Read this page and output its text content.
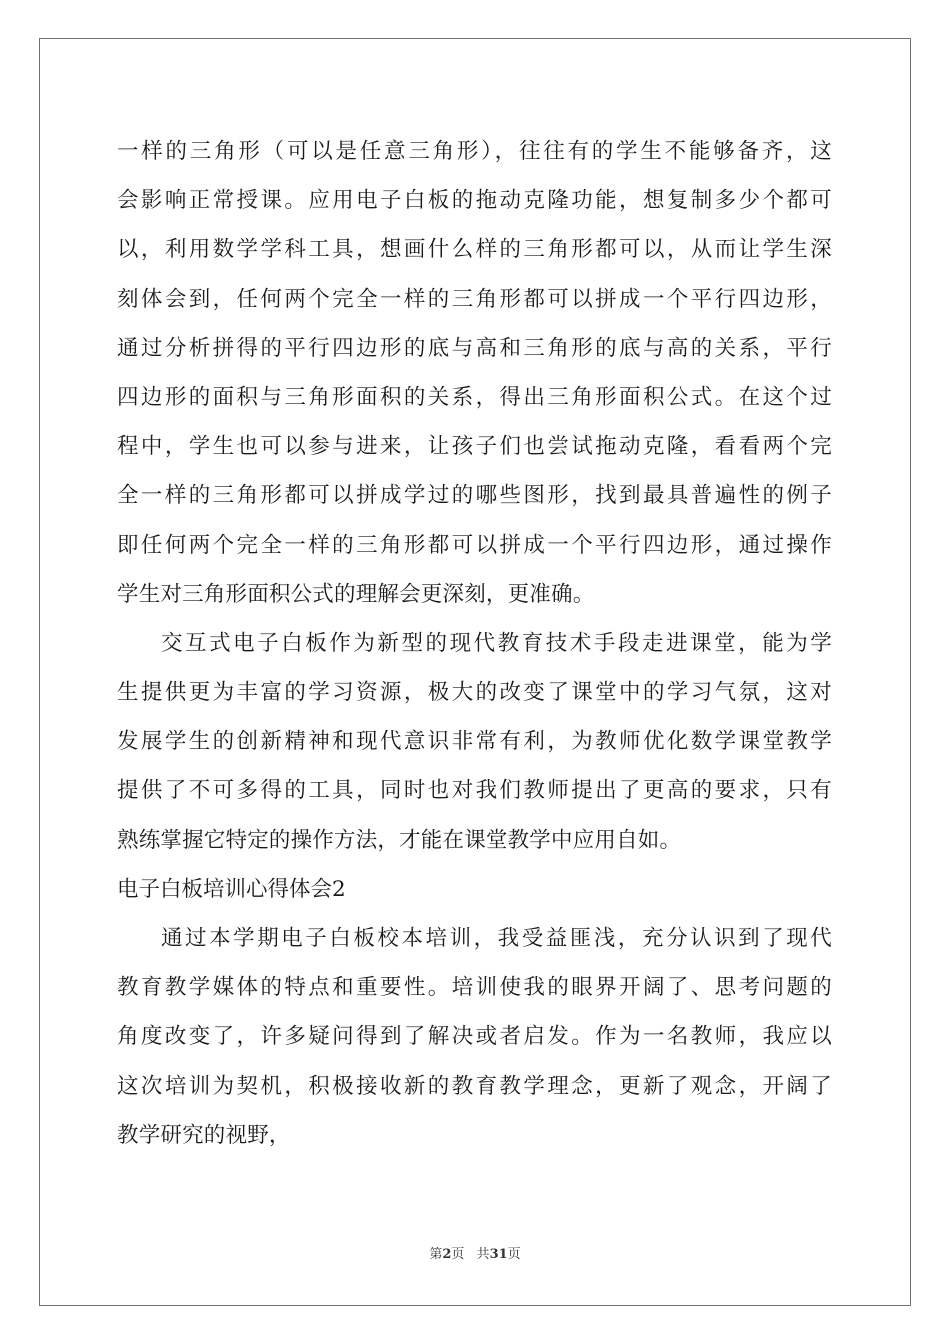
一样的三角形（可以是任意三角形），往往有的学生不能够备齐，这
会影响正常授课。应用电子白板的拖动克隆功能，想复制多少个都可
以，利用数学学科工具，想画什么样的三角形都可以，从而让学生深
刻体会到，任何两个完全一样的三角形都可以拼成一个平行四边形，
通过分析拼得的平行四边形的底与高和三角形的底与高的关系，平行
四边形的面积与三角形面积的关系，得出三角形面积公式。在这个过
程中，学生也可以参与进来，让孩子们也尝试拖动克隆，看看两个完
全一样的三角形都可以拼成学过的哪些图形，找到最具普遍性的例子
即任何两个完全一样的三角形都可以拼成一个平行四边形，通过操作
学生对三角形面积公式的理解会更深刻，更准确。
交互式电子白板作为新型的现代教育技术手段走进课堂，能为学
生提供更为丰富的学习资源，极大的改变了课堂中的学习气氛，这对
发展学生的创新精神和现代意识非常有利，为教师优化数学课堂教学
提供了不可多得的工具，同时也对我们教师提出了更高的要求，只有
熟练掌握它特定的操作方法，才能在课堂教学中应用自如。
电子白板培训心得体会2
通过本学期电子白板校本培训，我受益匪浅，充分认识到了现代
教育教学媒体的特点和重要性。培训使我的眼界开阔了、思考问题的
角度改变了，许多疑问得到了解决或者启发。作为一名教师，我应以
这次培训为契机，积极接收新的教育教学理念，更新了观念，开阔了
教学研究的视野，
第2页 共31页
